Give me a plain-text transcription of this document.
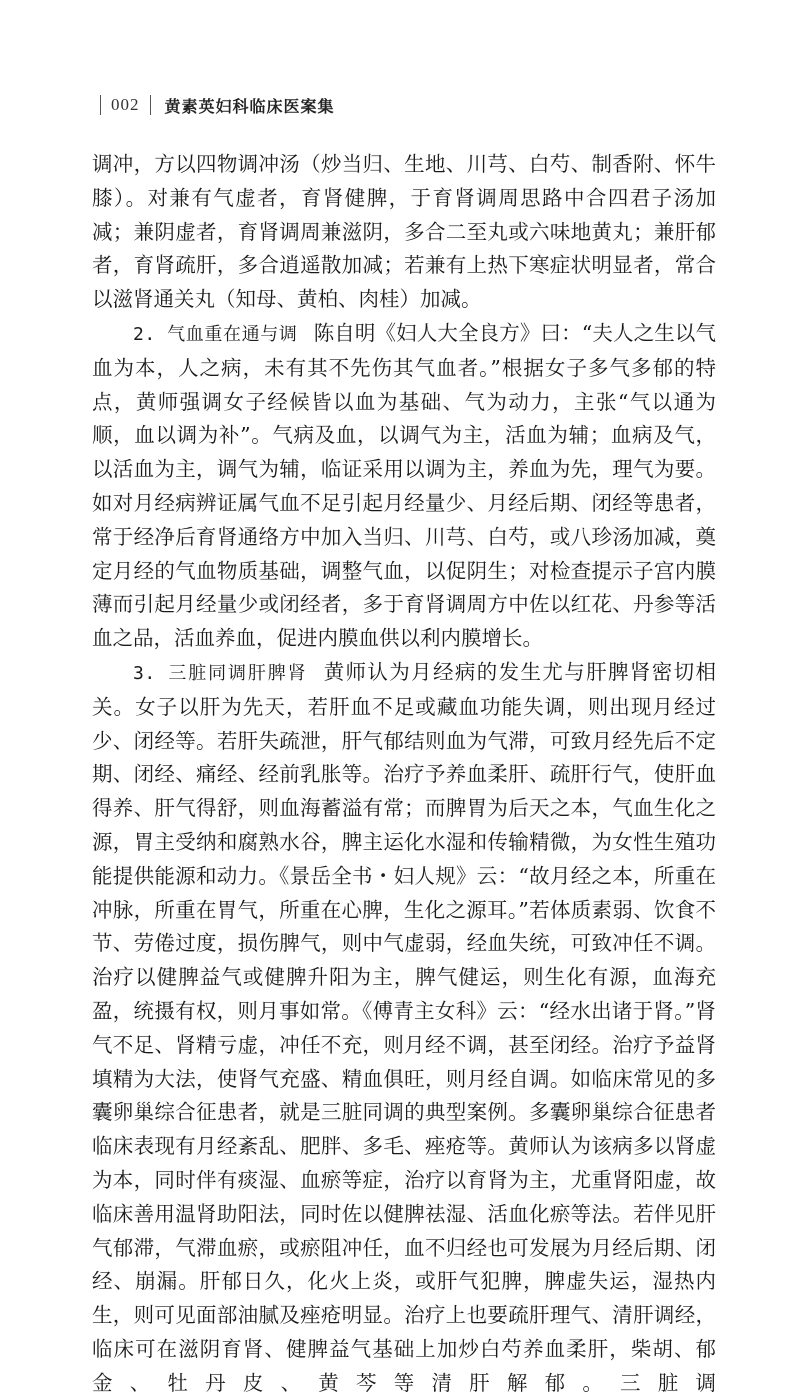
002 黄素英妇科临床医案集

调冲，方以四物调冲汤（炒当归、生地、川芎、白芍、制香附、怀牛膝）。对兼有气虚者，育肾健脾，于育肾调周思路中合四君子汤加减；兼阴虚者，育肾调周兼滋阴，多合二至丸或六味地黄丸；兼肝郁者，育肾疏肝，多合逍遥散加减；若兼有上热下寒症状明显者，常合以滋肾通关丸（知母、黄柏、肉桂）加减。

2. 气血重在通与调 陈自明《妇人大全良方》曰：“夫人之生以气血为本，人之病，未有其不先伤其气血者。”根据女子多气多郁的特点，黄师强调女子经候皆以血为基础、气为动力，主张“气以通为顺，血以调为补”。气病及血，以调气为主，活血为辅；血病及气，以活血为主，调气为辅，临证采用以调为主，养血为先，理气为要。如对月经病辨证属气血不足引起月经量少、月经后期、闭经等患者，常于经净后育肾通络方中加入当归、川芎、白芍，或八珍汤加减，奠定月经的气血物质基础，调整气血，以促阴生；对检查提示子宫内膜薄而引起月经量少或闭经者，多于育肾调周方中佐以红花、丹参等活血之品，活血养血，促进内膜血供以利内膜增长。

3. 三脏同调肝脾肾 黄师认为月经病的发生尤与肝脾肾密切相关。女子以肝为先天，若肝血不足或藏血功能失调，则出现月经过少、闭经等。若肝失疏泄，肝气郁结则血为气滞，可致月经先后不定期、闭经、痛经、经前乳胀等。治疗予养血柔肝、疏肝行气，使肝血得养、肝气得舒，则血海蓄溢有常；而脾胃为后天之本，气血生化之源，胃主受纳和腐熟水谷，脾主运化水湿和传输精微，为女性生殖功能提供能源和动力。《景岳全书・妇人规》云：“故月经之本，所重在冲脉，所重在胃气，所重在心脾，生化之源耳。”若体质素弱、饮食不节、劳倦过度，损伤脾气，则中气虚弱，经血失统，可致冲任不调。治疗以健脾益气或健脾升阳为主，脾气健运，则生化有源，血海充盈，统摄有权，则月事如常。《傅青主女科》云：“经水出诸于肾。”肾气不足、肾精亏虚，冲任不充，则月经不调，甚至闭经。治疗予益肾填精为大法，使肾气充盛、精血俱旺，则月经自调。如临床常见的多囊卵巢综合征患者，就是三脏同调的典型案例。多囊卵巢综合征患者临床表现有月经紊乱、肥胖、多毛、痤疮等。黄师认为该病多以肾虚为本，同时伴有痰湿、血瘀等症，治疗以育肾为主，尤重肾阳虚，故临床善用温肾助阳法，同时佐以健脾祛湿、活血化瘀等法。若伴见肝气郁滞，气滞血瘀，或瘀阻冲任，血不归经也可发展为月经后期、闭经、崩漏。肝郁日久，化火上炎，或肝气犯脾，脾虚失运，湿热内生，则可见面部油腻及痤疮明显。治疗上也要疏肝理气、清肝调经，临床可在滋阴育肾、健脾益气基础上加炒白芍养血柔肝，柴胡、郁金、牡丹皮、黄芩等清肝解郁。三脏调
